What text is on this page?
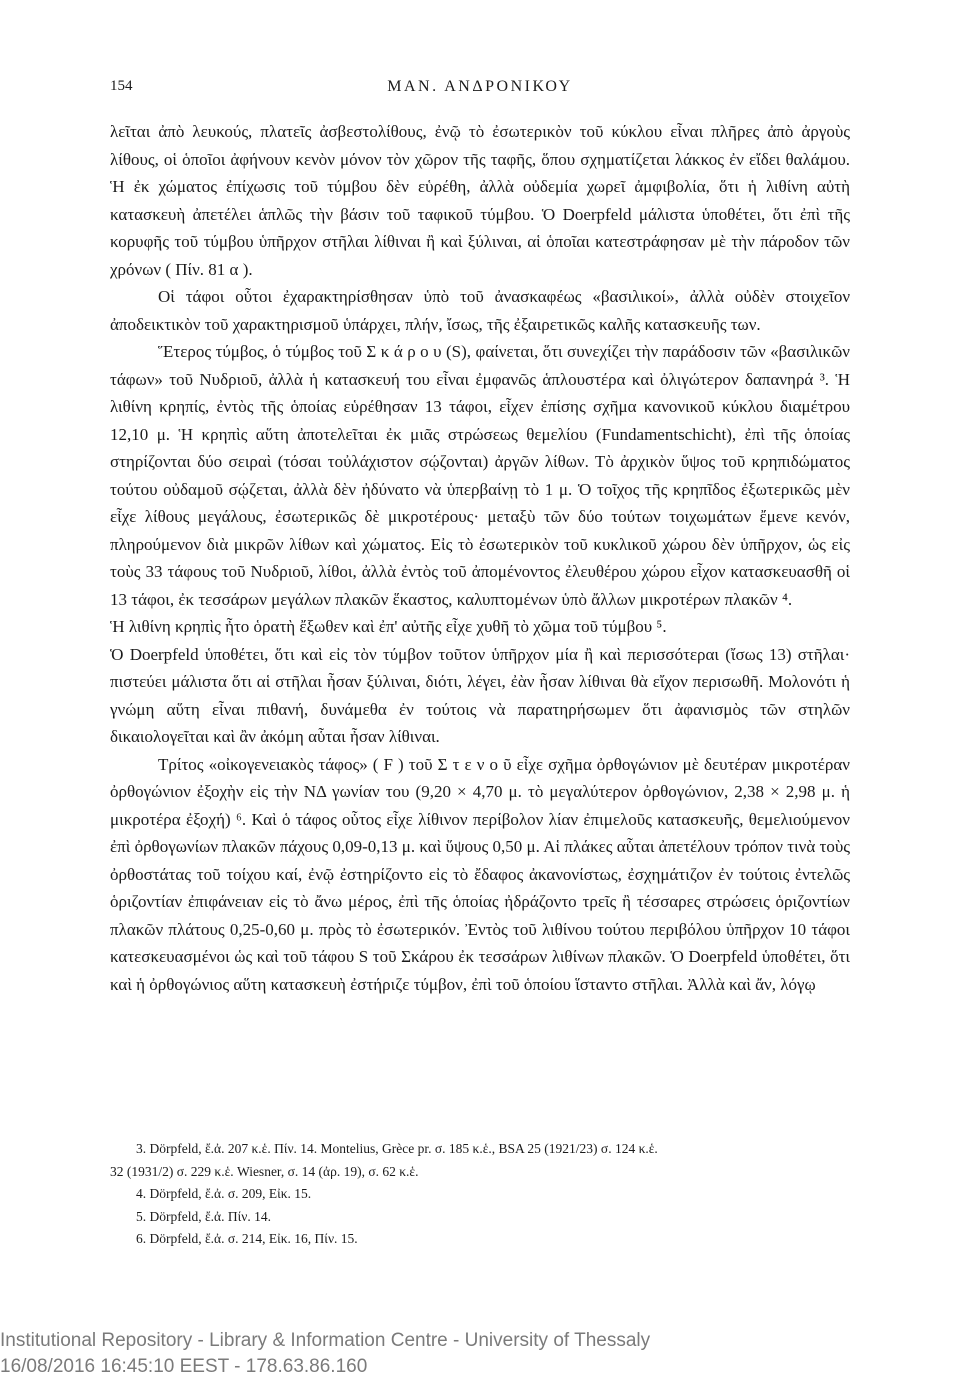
154	ΜΑΝ. ΑΝΔΡΟΝΙΚΟΥ

λεῖται ἀπὸ λευκούς, πλατεῖς ἀσβεστολίθους, ἐνῷ τὸ ἐσωτερικὸν τοῦ κύκλου εἶναι πλῆρες ἀπὸ ἀργοὺς λίθους, οἱ ὁποῖοι ἀφήνουν κενὸν μόνον τὸν χῶρον τῆς ταφῆς, ὅπου σχηματίζεται λάκκος ἐν εἴδει θαλάμου. Ἡ ἐκ χώματος ἐπίχωσις τοῦ τύμβου δὲν εὑρέθη, ἀλλὰ οὐδεμία χωρεῖ ἀμφιβολία, ὅτι ἡ λιθίνη αὐτὴ κατασκευὴ ἀπετέλει ἁπλῶς τὴν βάσιν τοῦ ταφικοῦ τύμβου. Ὁ Doerpfeld μάλιστα ὑποθέτει, ὅτι ἐπὶ τῆς κορυφῆς τοῦ τύμβου ὑπῆρχον στῆλαι λίθιναι ἢ καὶ ξύλιναι, αἱ ὁποῖαι κατεστράφησαν μὲ τὴν πάροδον τῶν χρόνων ( Πίν. 81 α ).

Οἱ τάφοι οὗτοι ἐχαρακτηρίσθησαν ὑπὸ τοῦ ἀνασκαφέως «βασιλικοί», ἀλλὰ οὐδὲν στοιχεῖον ἀποδεικτικὸν τοῦ χαρακτηρισμοῦ ὑπάρχει, πλήν, ἴσως, τῆς ἐξαιρετικῶς καλῆς κατασκευῆς των.

Ἕτερος τύμβος, ὁ τύμβος τοῦ Σ κ ά ρ ο υ (S), φαίνεται, ὅτι συνεχίζει τὴν παράδοσιν τῶν «βασιλικῶν τάφων» τοῦ Νυδριοῦ, ἀλλὰ ἡ κατασκευή του εἶναι ἐμφανῶς ἁπλουστέρα καὶ ὀλιγώτερον δαπανηρά ³. Ἡ λιθίνη κρηπίς, ἐντὸς τῆς ὁποίας εὑρέθησαν 13 τάφοι, εἶχεν ἐπίσης σχῆμα κανονικοῦ κύκλου διαμέτρου 12,10 μ. Ἡ κρηπὶς αὕτη ἀποτελεῖται ἐκ μιᾶς στρώσεως θεμελίου (Fundamentschicht), ἐπὶ τῆς ὁποίας στηρίζονται δύο σειραὶ (τόσαι τοὐλάχιστον σῴζονται) ἀργῶν λίθων. Τὸ ἀρχικὸν ὕψος τοῦ κρηπιδώματος τούτου οὐδαμοῦ σῴζεται, ἀλλὰ δὲν ἠδύνατο νὰ ὑπερβαίνῃ τὸ 1 μ. Ὁ τοῖχος τῆς κρηπῖδος ἐξωτερικῶς μὲν εἶχε λίθους μεγάλους, ἐσωτερικῶς δὲ μικροτέρους· μεταξὺ τῶν δύο τούτων τοιχωμάτων ἔμενε κενόν, πληρούμενον διὰ μικρῶν λίθων καὶ χώματος. Εἰς τὸ ἐσωτερικὸν τοῦ κυκλικοῦ χώρου δὲν ὑπῆρχον, ὡς εἰς τοὺς 33 τάφους τοῦ Νυδριοῦ, λίθοι, ἀλλὰ ἐντὸς τοῦ ἀπομένοντος ἐλευθέρου χώρου εἶχον κατασκευασθῆ οἱ 13 τάφοι, ἐκ τεσσάρων μεγάλων πλακῶν ἕκαστος, καλυπτομένων ὑπὸ ἄλλων μικροτέρων πλακῶν ⁴.

Ἡ λιθίνη κρηπὶς ἦτο ὁρατὴ ἔξωθεν καὶ ἐπ' αὐτῆς εἶχε χυθῆ τὸ χῶμα τοῦ τύμβου ⁵.

Ὁ Doerpfeld ὑποθέτει, ὅτι καὶ εἰς τὸν τύμβον τοῦτον ὑπῆρχον μία ἢ καὶ περισσότεραι (ἴσως 13) στῆλαι· πιστεύει μάλιστα ὅτι αἱ στῆλαι ἦσαν ξύλιναι, διότι, λέγει, ἐὰν ἦσαν λίθιναι θὰ εἴχον περισωθῆ. Μολονότι ἡ γνώμη αὕτη εἶναι πιθανή, δυνάμεθα ἐν τούτοις νὰ παρατηρήσωμεν ὅτι ἀφανισμὸς τῶν στηλῶν δικαιολογεῖται καὶ ἂν ἀκόμη αὗται ἦσαν λίθιναι.

Τρίτος «οἰκογενειακὸς τάφος» ( F ) τοῦ Σ τ ε ν ο ῦ εἶχε σχῆμα ὀρθογώνιον μὲ δευτέραν μικροτέραν ὀρθογώνιον ἐξοχὴν εἰς τὴν ΝΔ γωνίαν του (9,20 × 4,70 μ. τὸ μεγαλύτερον ὀρθογώνιον, 2,38 × 2,98 μ. ἡ μικροτέρα ἐξοχή) ⁶. Καὶ ὁ τάφος οὗτος εἶχε λίθινον περίβολον λίαν ἐπιμελοῦς κατασκευῆς, θεμελιούμενον ἐπὶ ὀρθογωνίων πλακῶν πάχους 0,09-0,13 μ. καὶ ὕψους 0,50 μ. Αἱ πλάκες αὗται ἀπετέλουν τρόπον τινὰ τοὺς ὀρθοστάτας τοῦ τοίχου καί, ἐνῷ ἐστηρίζοντο εἰς τὸ ἔδαφος ἀκανονίστως, ἐσχημάτιζον ἐν τούτοις ἐντελῶς ὁριζοντίαν ἐπιφάνειαν εἰς τὸ ἄνω μέρος, ἐπὶ τῆς ὁποίας ἠδράζοντο τρεῖς ἢ τέσσαρες στρώσεις ὁριζοντίων πλακῶν πλάτους 0,25-0,60 μ. πρὸς τὸ ἐσωτερικόν. Ἐντὸς τοῦ λιθίνου τούτου περιβόλου ὑπῆρχον 10 τάφοι κατεσκευασμένοι ὡς καὶ τοῦ τάφου S τοῦ Σκάρου ἐκ τεσσάρων λιθίνων πλακῶν. Ὁ Doerpfeld ὑποθέτει, ὅτι καὶ ἡ ὀρθογώνιος αὕτη κατασκευὴ ἐστήριζε τύμβον, ἐπὶ τοῦ ὁποίου ἵσταντο στῆλαι. Ἀλλὰ καὶ ἄν, λόγῳ

3. Dörpfeld, ἔ.ἀ. 207 κ.ἑ. Πίν. 14. Montelius, Grèce pr. σ. 185 κ.ἑ., BSA 25 (1921/23) σ. 124 κ.ἑ.

32 (1931/2) σ. 229 κ.ἑ. Wiesner, σ. 14 (ἀρ. 19), σ. 62 κ.ἑ.

4. Dörpfeld, ἔ.ἀ. σ. 209, Εἰκ. 15.

5. Dörpfeld, ἔ.ἀ. Πίν. 14.

6. Dörpfeld, ἔ.ἀ. σ. 214, Εἰκ. 16, Πίν. 15.

Institutional Repository - Library & Information Centre - University of Thessaly
16/08/2016 16:45:10 EEST - 178.63.86.160
